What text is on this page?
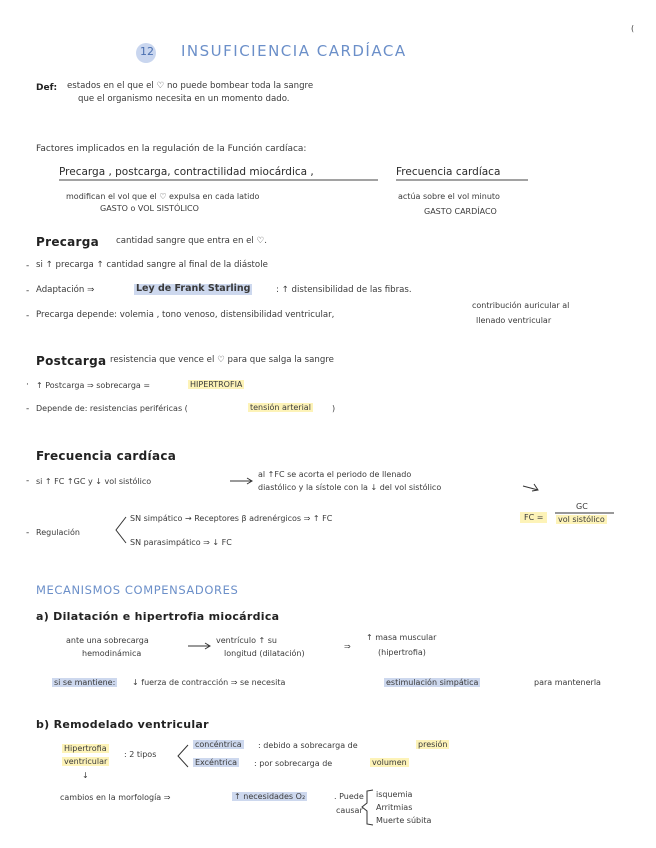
(
12 INSUFICIENCIA CARDÍACA
Def: estados en el que el ♡ no puede bombear toda la sangre
que el organismo necesita en un momento dado.
Factores implicados en la regulación de la Función cardíaca:
Precarga , postcarga, contractilidad miocárdica ,	Frecuencia cardíaca
modifican el vol que el ♡ expulsa en cada latido
GASTO o VOL SISTÓLICO
actúa sobre el vol minuto
GASTO CARDÍACO
Precarga cantidad sangre que entra en el ♡.
- si ↑ precarga ↑ cantidad sangre al final de la diástole
- Adaptación ⇒	Ley de Frank Starling	: ↑ distensibilidad de las fibras.
- Precarga depende: volemia , tono venoso, distensibilidad ventricular,
contribución auricular al
llenado ventricular
Postcarga resistencia que vence el ♡ para que salga la sangre
· ↑ Postcarga ⇒ sobrecarga =	HIPERTROFIA
- Depende de: resistencias periféricas (	tensión arterial	)
Frecuencia cardíaca
- si ↑ FC ↑GC y ↓ vol sistólico
al ↑FC se acorta el periodo de llenado
diastólico y la sístole con la ↓ del vol sistólico
FC =
GC
vol sistólico
- Regulación
SN simpático → Receptores β adrenérgicos ⇒ ↑ FC
SN parasimpático ⇒ ↓ FC
MECANISMOS COMPENSADORES
a) Dilatación e hipertrofia miocárdica
ante una sobrecarga
hemodinámica
ventrículo ↑ su
longitud (dilatación)
⇒
↑ masa muscular
(hipertrofia)
si se mantiene: ↓ fuerza de contracción ⇒ se necesita	estimulación simpática	para mantenerla
b) Remodelado ventricular
Hipertrofia
ventricular
: 2 tipos
↓
concéntrica : debido a sobrecarga de	presión
Excéntrica : por sobrecarga de	volumen
cambios en la morfología ⇒	↑ necesidades O₂	. Puede
causar
isquemia
Arritmias
Muerte súbita
